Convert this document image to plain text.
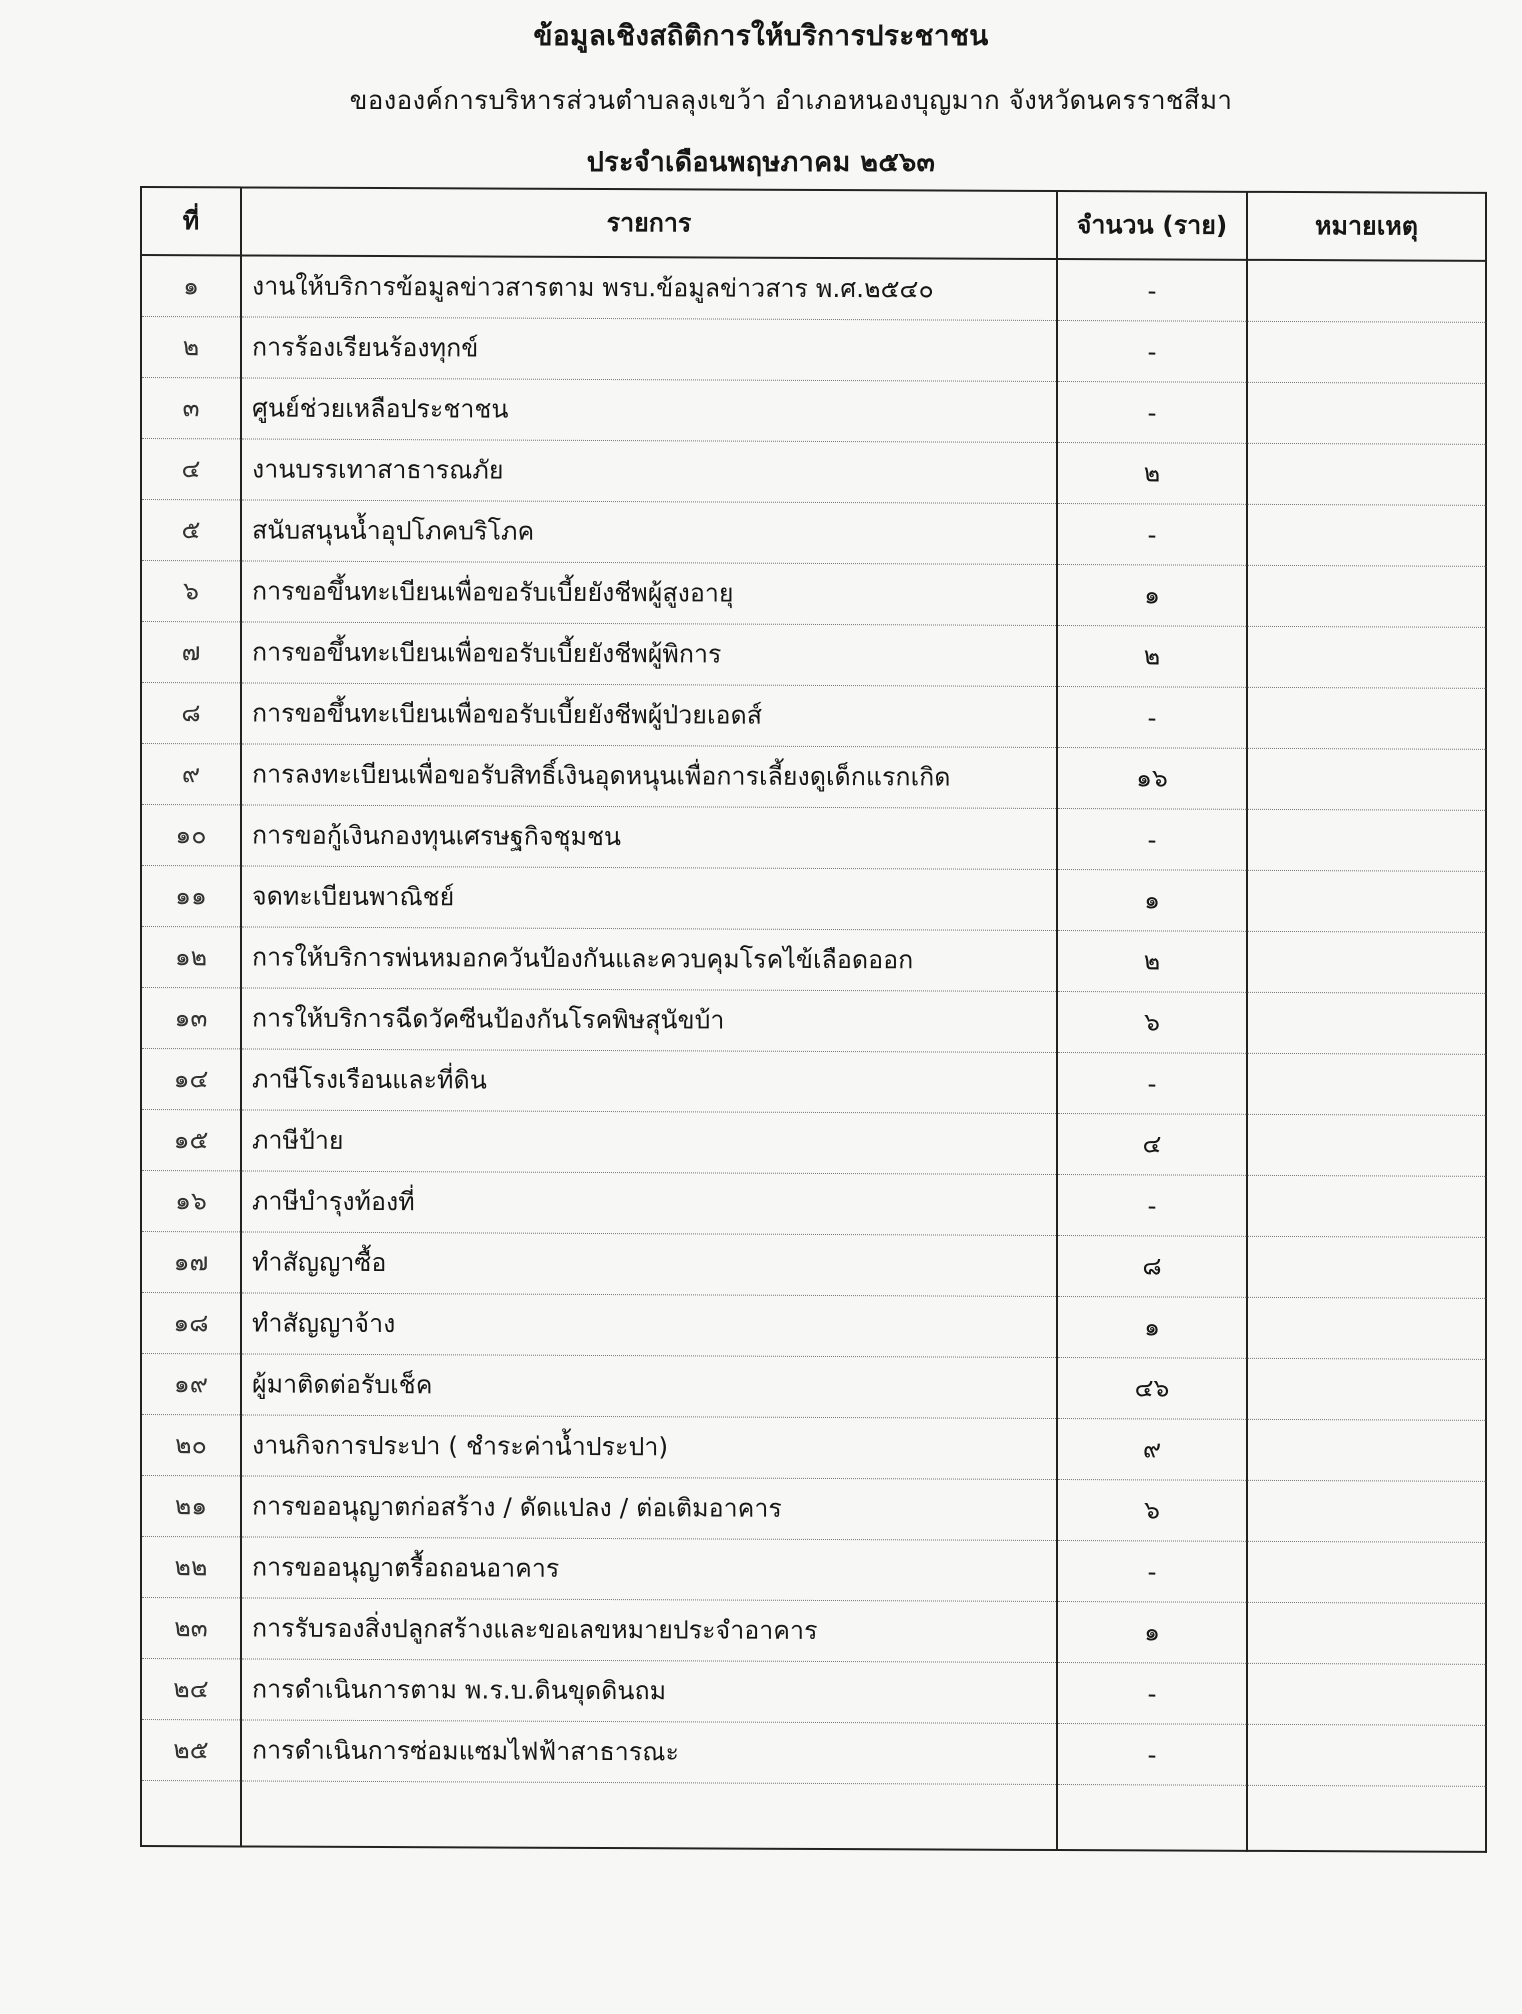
ข้อมูลเชิงสถิติการให้บริการประชาชน
ขององค์การบริหารส่วนตำบลลุงเขว้า อำเภอหนองบุญมาก จังหวัดนครราชสีมา
ประจำเดือนพฤษภาคม ๒๕๖๓
ที่	รายการ	จำนวน (ราย)	หมายเหตุ
๑	งานให้บริการข้อมูลข่าวสารตาม พรบ.ข้อมูลข่าวสาร พ.ศ.๒๕๔๐	-	
๒	การร้องเรียนร้องทุกข์	-	
๓	ศูนย์ช่วยเหลือประชาชน	-	
๔	งานบรรเทาสาธารณภัย	๒	
๕	สนับสนุนน้ำอุปโภคบริโภค	-	
๖	การขอขึ้นทะเบียนเพื่อขอรับเบี้ยยังชีพผู้สูงอายุ	๑	
๗	การขอขึ้นทะเบียนเพื่อขอรับเบี้ยยังชีพผู้พิการ	๒	
๘	การขอขึ้นทะเบียนเพื่อขอรับเบี้ยยังชีพผู้ป่วยเอดส์	-	
๙	การลงทะเบียนเพื่อขอรับสิทธิ์เงินอุดหนุนเพื่อการเลี้ยงดูเด็กแรกเกิด	๑๖	
๑๐	การขอกู้เงินกองทุนเศรษฐกิจชุมชน	-	
๑๑	จดทะเบียนพาณิชย์	๑	
๑๒	การให้บริการพ่นหมอกควันป้องกันและควบคุมโรคไข้เลือดออก	๒	
๑๓	การให้บริการฉีดวัคซีนป้องกันโรคพิษสุนัขบ้า	๖	
๑๔	ภาษีโรงเรือนและที่ดิน	-	
๑๕	ภาษีป้าย	๔	
๑๖	ภาษีบำรุงท้องที่	-	
๑๗	ทำสัญญาซื้อ	๘	
๑๘	ทำสัญญาจ้าง	๑	
๑๙	ผู้มาติดต่อรับเช็ค	๔๖	
๒๐	งานกิจการประปา ( ชำระค่าน้ำประปา)	๙	
๒๑	การขออนุญาตก่อสร้าง / ดัดแปลง / ต่อเติมอาคาร	๖	
๒๒	การขออนุญาตรื้อถอนอาคาร	-	
๒๓	การรับรองสิ่งปลูกสร้างและขอเลขหมายประจำอาคาร	๑	
๒๔	การดำเนินการตาม พ.ร.บ.ดินขุดดินถม	-	
๒๕	การดำเนินการซ่อมแซมไฟฟ้าสาธารณะ	-	
